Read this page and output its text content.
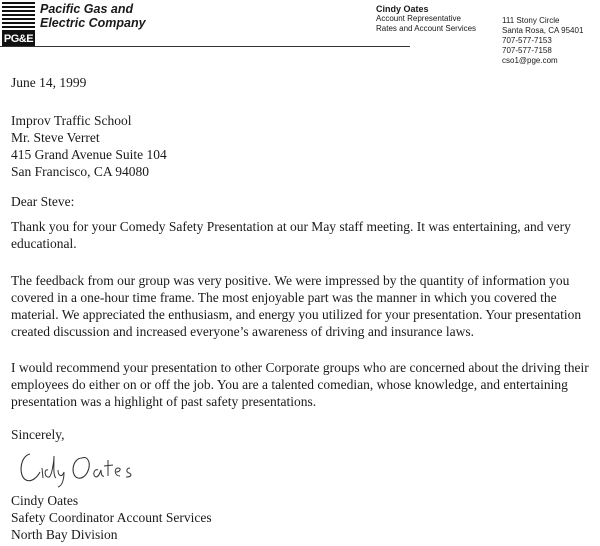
PG&E
Pacific Gas and
Electric Company
Cindy Oates
Account Representative
Rates and Account Services
111 Stony Circle
Santa Rosa, CA 95401
707-577-7153
707-577-7158
cso1@pge.com
June 14, 1999
Improv Traffic School
Mr. Steve Verret
415 Grand Avenue Suite 104
San Francisco, CA 94080
Dear Steve:
Thank you for your Comedy Safety Presentation at our May staff meeting. It was entertaining, and very educational.
The feedback from our group was very positive. We were impressed by the quantity of information you covered in a one-hour time frame. The most enjoyable part was the manner in which you covered the material. We appreciated the enthusiasm, and energy you utilized for your presentation. Your presentation created discussion and increased everyone’s awareness of driving and insurance laws.
I would recommend your presentation to other Corporate groups who are concerned about the driving their employees do either on or off the job. You are a talented comedian, whose knowledge, and entertaining presentation was a highlight of past safety presentations.
Sincerely,
Cindy Oates
Safety Coordinator Account Services
North Bay Division
